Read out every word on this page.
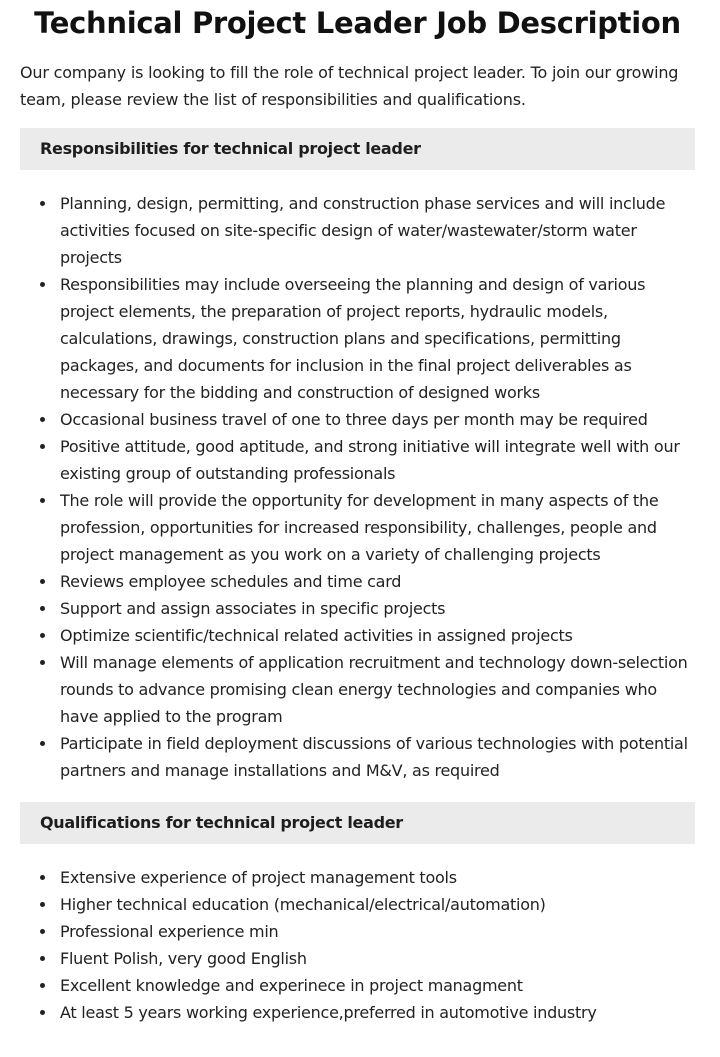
Technical Project Leader Job Description

Our company is looking to fill the role of technical project leader. To join our growing team, please review the list of responsibilities and qualifications.

Responsibilities for technical project leader
Planning, design, permitting, and construction phase services and will include activities focused on site-specific design of water/wastewater/storm water projects
Responsibilities may include overseeing the planning and design of various project elements, the preparation of project reports, hydraulic models, calculations, drawings, construction plans and specifications, permitting packages, and documents for inclusion in the final project deliverables as necessary for the bidding and construction of designed works
Occasional business travel of one to three days per month may be required
Positive attitude, good aptitude, and strong initiative will integrate well with our existing group of outstanding professionals
The role will provide the opportunity for development in many aspects of the profession, opportunities for increased responsibility, challenges, people and project management as you work on a variety of challenging projects
Reviews employee schedules and time card
Support and assign associates in specific projects
Optimize scientific/technical related activities in assigned projects
Will manage elements of application recruitment and technology down-selection rounds to advance promising clean energy technologies and companies who have applied to the program
Participate in field deployment discussions of various technologies with potential partners and manage installations and M&V, as required
Qualifications for technical project leader
Extensive experience of project management tools
Higher technical education (mechanical/electrical/automation)
Professional experience min
Fluent Polish, very good English
Excellent knowledge and experinece in project managment
At least 5 years working experience,preferred in automotive industry
